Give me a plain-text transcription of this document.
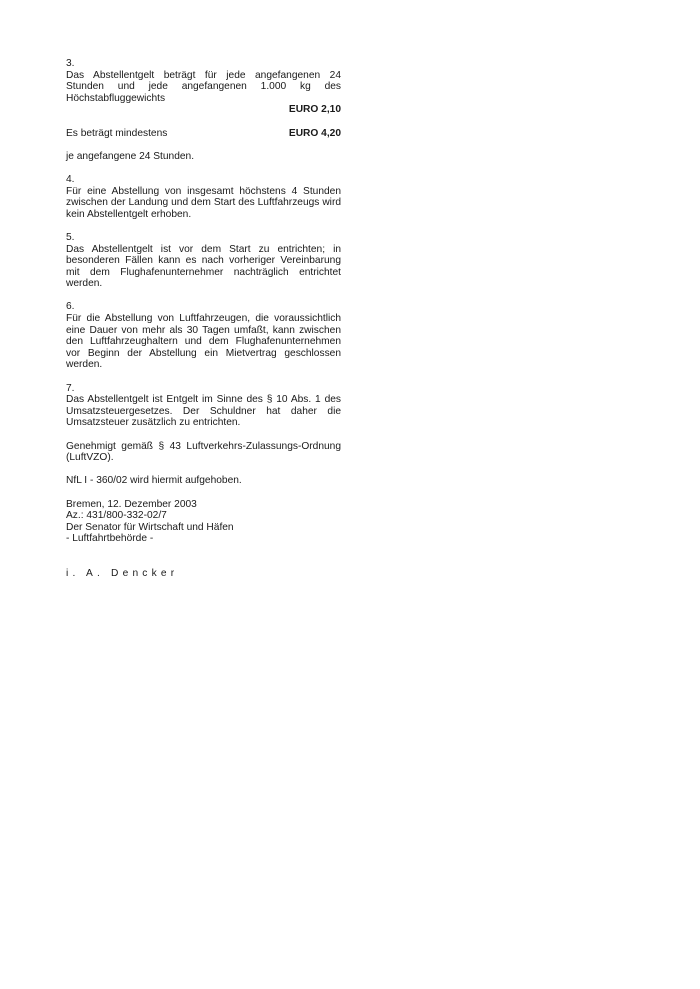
3.
Das Abstellentgelt beträgt für jede angefangenen 24 Stunden und jede angefangenen 1.000 kg des Höchstabfluggewichts
EURO 2,10
Es beträgt mindestens	EURO 4,20
je angefangene 24 Stunden.
4.
Für eine Abstellung von insgesamt höchstens 4 Stunden zwischen der Landung und dem Start des Luftfahrzeugs wird kein Abstellentgelt erhoben.
5.
Das Abstellentgelt ist vor dem Start zu entrichten; in besonderen Fällen kann es nach vorheriger Vereinbarung mit dem Flughafenunternehmer nachträglich entrichtet werden.
6.
Für die Abstellung von Luftfahrzeugen, die voraussichtlich eine Dauer von mehr als 30 Tagen umfaßt, kann zwischen den Luftfahrzeughaltern und dem Flughafenunternehmen vor Beginn der Abstellung ein Mietvertrag geschlossen werden.
7.
Das Abstellentgelt ist Entgelt im Sinne des § 10 Abs. 1 des Umsatzsteuergesetzes. Der Schuldner hat daher die Umsatzsteuer zusätzlich zu entrichten.
Genehmigt gemäß § 43 Luftverkehrs-Zulassungs-Ordnung (LuftVZO).
NfL I - 360/02 wird hiermit aufgehoben.
Bremen, 12. Dezember 2003
Az.: 431/800-332-02/7
Der Senator für Wirtschaft und Häfen
- Luftfahrtbehörde -
i. A. Dencker
